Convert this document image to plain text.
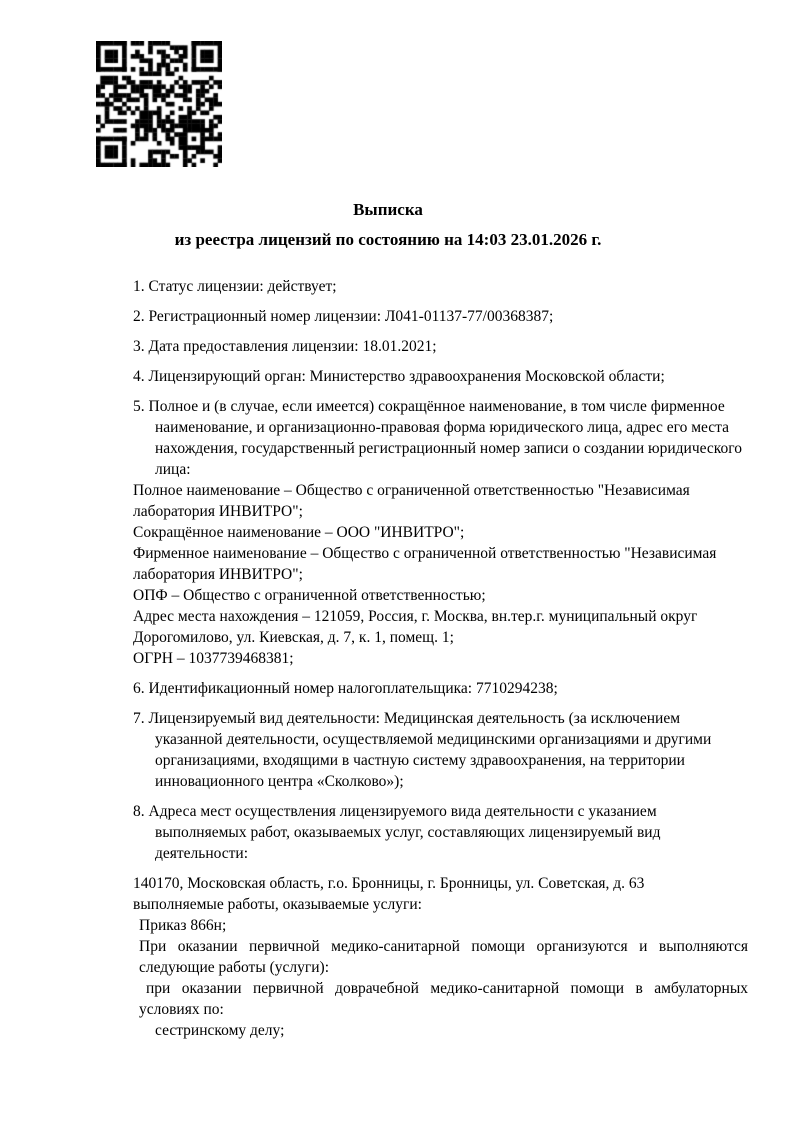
Выписка
из реестра лицензий по состоянию на 14:03 23.01.2026 г.

1. Статус лицензии: действует;

2. Регистрационный номер лицензии: Л041-01137-77/00368387;

3. Дата предоставления лицензии: 18.01.2021;

4. Лицензирующий орган: Министерство здравоохранения Московской области;

5. Полное и (в случае, если имеется) сокращённое наименование, в том числе фирменное наименование, и организационно-правовая форма юридического лица, адрес его места нахождения, государственный регистрационный номер записи о создании юридического лица:

Полное наименование – Общество с ограниченной ответственностью "Независимая лаборатория ИНВИТРО";

Сокращённое наименование – ООО "ИНВИТРО";

Фирменное наименование – Общество с ограниченной ответственностью "Независимая лаборатория ИНВИТРО";

ОПФ – Общество с ограниченной ответственностью;

Адрес места нахождения – 121059, Россия, г. Москва, вн.тер.г. муниципальный округ Дорогомилово, ул. Киевская, д. 7, к. 1, помещ. 1;

ОГРН – 1037739468381;

6. Идентификационный номер налогоплательщика: 7710294238;

7. Лицензируемый вид деятельности: Медицинская деятельность (за исключением указанной деятельности, осуществляемой медицинскими организациями и другими организациями, входящими в частную систему здравоохранения, на территории инновационного центра «Сколково»);

8. Адреса мест осуществления лицензируемого вида деятельности с указанием выполняемых работ, оказываемых услуг, составляющих лицензируемый вид деятельности:

140170, Московская область, г.о. Бронницы, г. Бронницы, ул. Советская, д. 63

выполняемые работы, оказываемые услуги:

Приказ 866н;

При оказании первичной медико-санитарной помощи организуются и выполняются следующие работы (услуги):

при оказании первичной доврачебной медико-санитарной помощи в амбулаторных условиях по:

сестринскому делу;
